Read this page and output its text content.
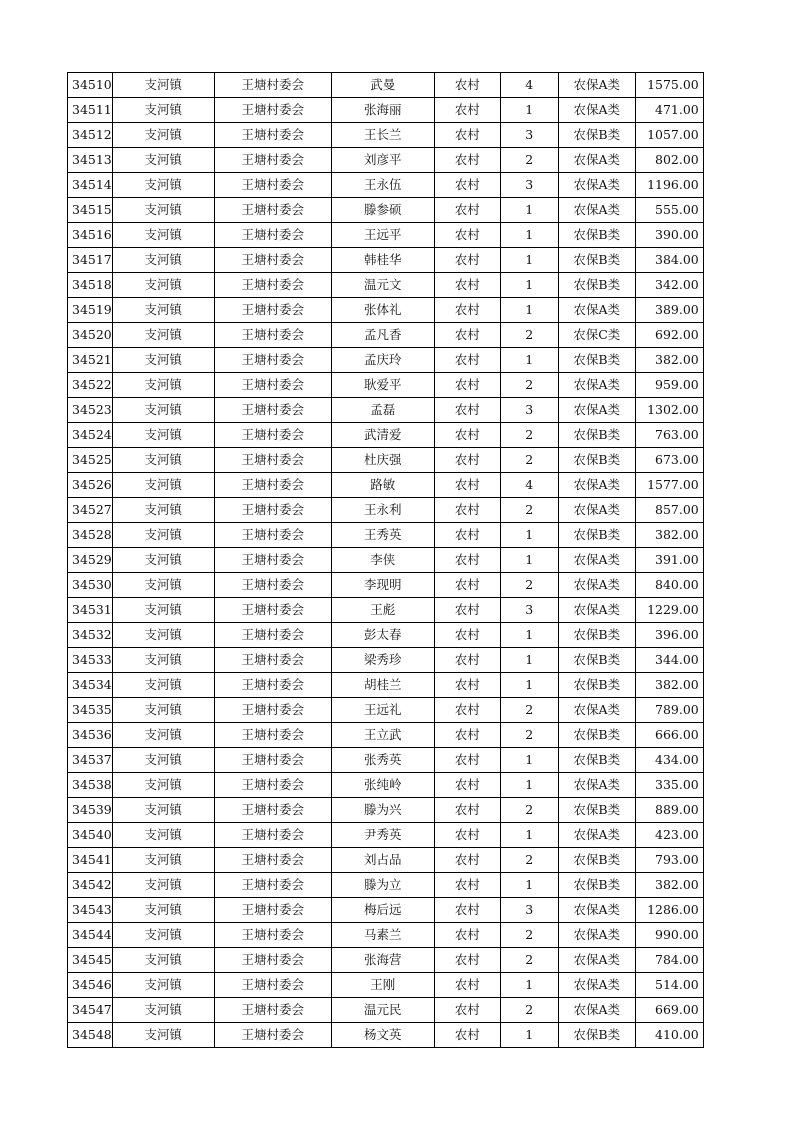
34510	支河镇	王塘村委会	武曼	农村	4	农保A类	1575.00
34511	支河镇	王塘村委会	张海丽	农村	1	农保A类	471.00
34512	支河镇	王塘村委会	王长兰	农村	3	农保B类	1057.00
34513	支河镇	王塘村委会	刘彦平	农村	2	农保A类	802.00
34514	支河镇	王塘村委会	王永伍	农村	3	农保A类	1196.00
34515	支河镇	王塘村委会	滕参硕	农村	1	农保A类	555.00
34516	支河镇	王塘村委会	王远平	农村	1	农保B类	390.00
34517	支河镇	王塘村委会	韩桂华	农村	1	农保B类	384.00
34518	支河镇	王塘村委会	温元文	农村	1	农保B类	342.00
34519	支河镇	王塘村委会	张体礼	农村	1	农保A类	389.00
34520	支河镇	王塘村委会	孟凡香	农村	2	农保C类	692.00
34521	支河镇	王塘村委会	孟庆玲	农村	1	农保B类	382.00
34522	支河镇	王塘村委会	耿爱平	农村	2	农保A类	959.00
34523	支河镇	王塘村委会	孟磊	农村	3	农保A类	1302.00
34524	支河镇	王塘村委会	武清爱	农村	2	农保B类	763.00
34525	支河镇	王塘村委会	杜庆强	农村	2	农保B类	673.00
34526	支河镇	王塘村委会	路敏	农村	4	农保A类	1577.00
34527	支河镇	王塘村委会	王永利	农村	2	农保A类	857.00
34528	支河镇	王塘村委会	王秀英	农村	1	农保B类	382.00
34529	支河镇	王塘村委会	李侠	农村	1	农保A类	391.00
34530	支河镇	王塘村委会	李现明	农村	2	农保A类	840.00
34531	支河镇	王塘村委会	王彪	农村	3	农保A类	1229.00
34532	支河镇	王塘村委会	彭太春	农村	1	农保B类	396.00
34533	支河镇	王塘村委会	梁秀珍	农村	1	农保B类	344.00
34534	支河镇	王塘村委会	胡桂兰	农村	1	农保B类	382.00
34535	支河镇	王塘村委会	王远礼	农村	2	农保A类	789.00
34536	支河镇	王塘村委会	王立武	农村	2	农保B类	666.00
34537	支河镇	王塘村委会	张秀英	农村	1	农保B类	434.00
34538	支河镇	王塘村委会	张纯岭	农村	1	农保A类	335.00
34539	支河镇	王塘村委会	滕为兴	农村	2	农保B类	889.00
34540	支河镇	王塘村委会	尹秀英	农村	1	农保A类	423.00
34541	支河镇	王塘村委会	刘占品	农村	2	农保B类	793.00
34542	支河镇	王塘村委会	滕为立	农村	1	农保B类	382.00
34543	支河镇	王塘村委会	梅后远	农村	3	农保A类	1286.00
34544	支河镇	王塘村委会	马素兰	农村	2	农保A类	990.00
34545	支河镇	王塘村委会	张海营	农村	2	农保A类	784.00
34546	支河镇	王塘村委会	王刚	农村	1	农保A类	514.00
34547	支河镇	王塘村委会	温元民	农村	2	农保A类	669.00
34548	支河镇	王塘村委会	杨文英	农村	1	农保B类	410.00
